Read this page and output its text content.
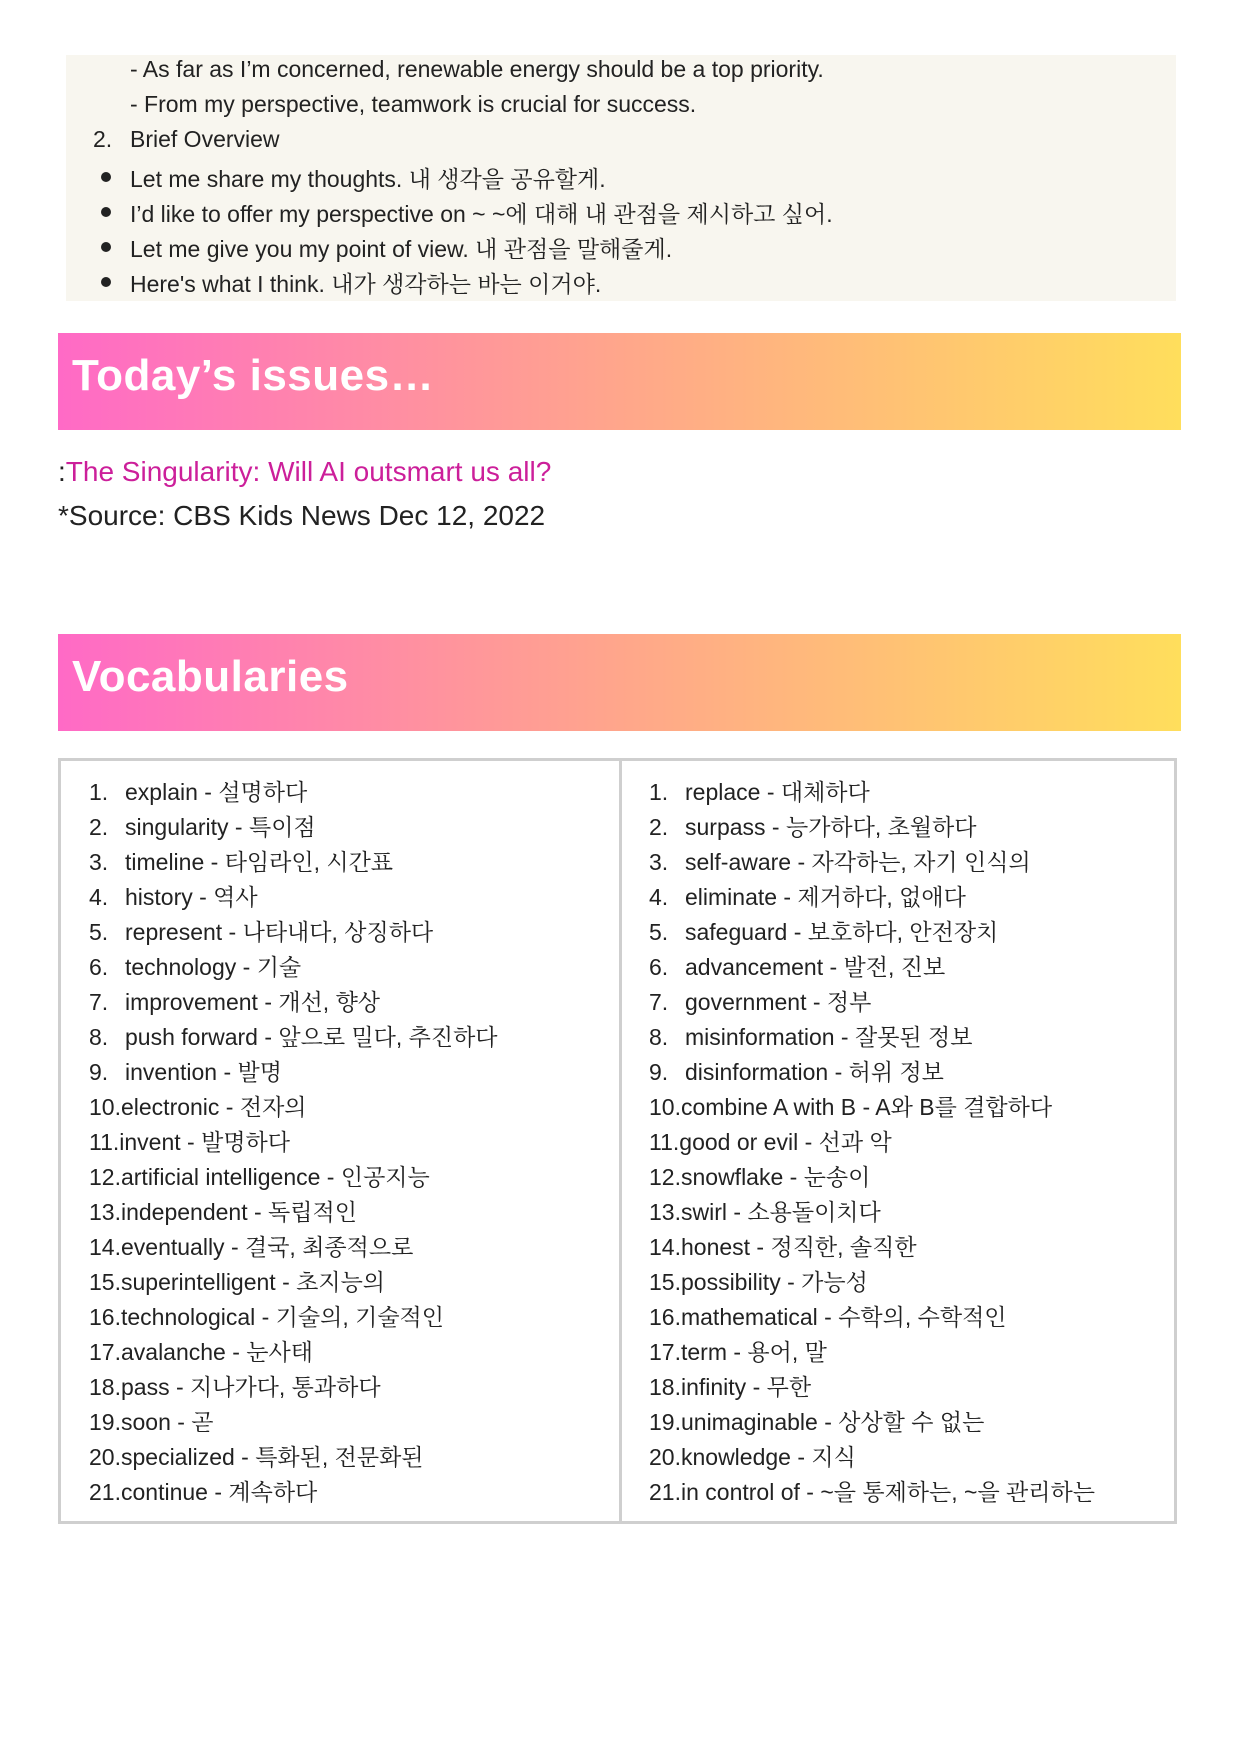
- As far as I’m concerned, renewable energy should be a top priority.
- From my perspective, teamwork is crucial for success.
2. Brief Overview
Let me share my thoughts. 내 생각을 공유할게.
I’d like to offer my perspective on ~ ~에 대해 내 관점을 제시하고 싶어.
Let me give you my point of view. 내 관점을 말해줄게.
Here's what I think. 내가 생각하는 바는 이거야.
Today’s issues…
:The Singularity: Will AI outsmart us all?
*Source: CBS Kids News Dec 12, 2022
Vocabularies
1. explain - 설명하다
2. singularity - 특이점
3. timeline - 타임라인, 시간표
4. history - 역사
5. represent - 나타내다, 상징하다
6. technology - 기술
7. improvement - 개선, 향상
8. push forward - 앞으로 밀다, 추진하다
9. invention - 발명
10. electronic - 전자의
11. invent - 발명하다
12. artificial intelligence - 인공지능
13. independent - 독립적인
14. eventually - 결국, 최종적으로
15. superintelligent - 초지능의
16. technological - 기술의, 기술적인
17. avalanche - 눈사태
18. pass - 지나가다, 통과하다
19. soon - 곧
20. specialized - 특화된, 전문화된
21. continue - 계속하다
1. replace - 대체하다
2. surpass - 능가하다, 초월하다
3. self-aware - 자각하는, 자기 인식의
4. eliminate - 제거하다, 없애다
5. safeguard - 보호하다, 안전장치
6. advancement - 발전, 진보
7. government - 정부
8. misinformation - 잘못된 정보
9. disinformation - 허위 정보
10. combine A with B - A와 B를 결합하다
11. good or evil - 선과 악
12. snowflake - 눈송이
13. swirl - 소용돌이치다
14. honest - 정직한, 솔직한
15. possibility - 가능성
16. mathematical - 수학의, 수학적인
17. term - 용어, 말
18. infinity - 무한
19. unimaginable - 상상할 수 없는
20. knowledge - 지식
21. in control of - ~을 통제하는, ~을 관리하는
